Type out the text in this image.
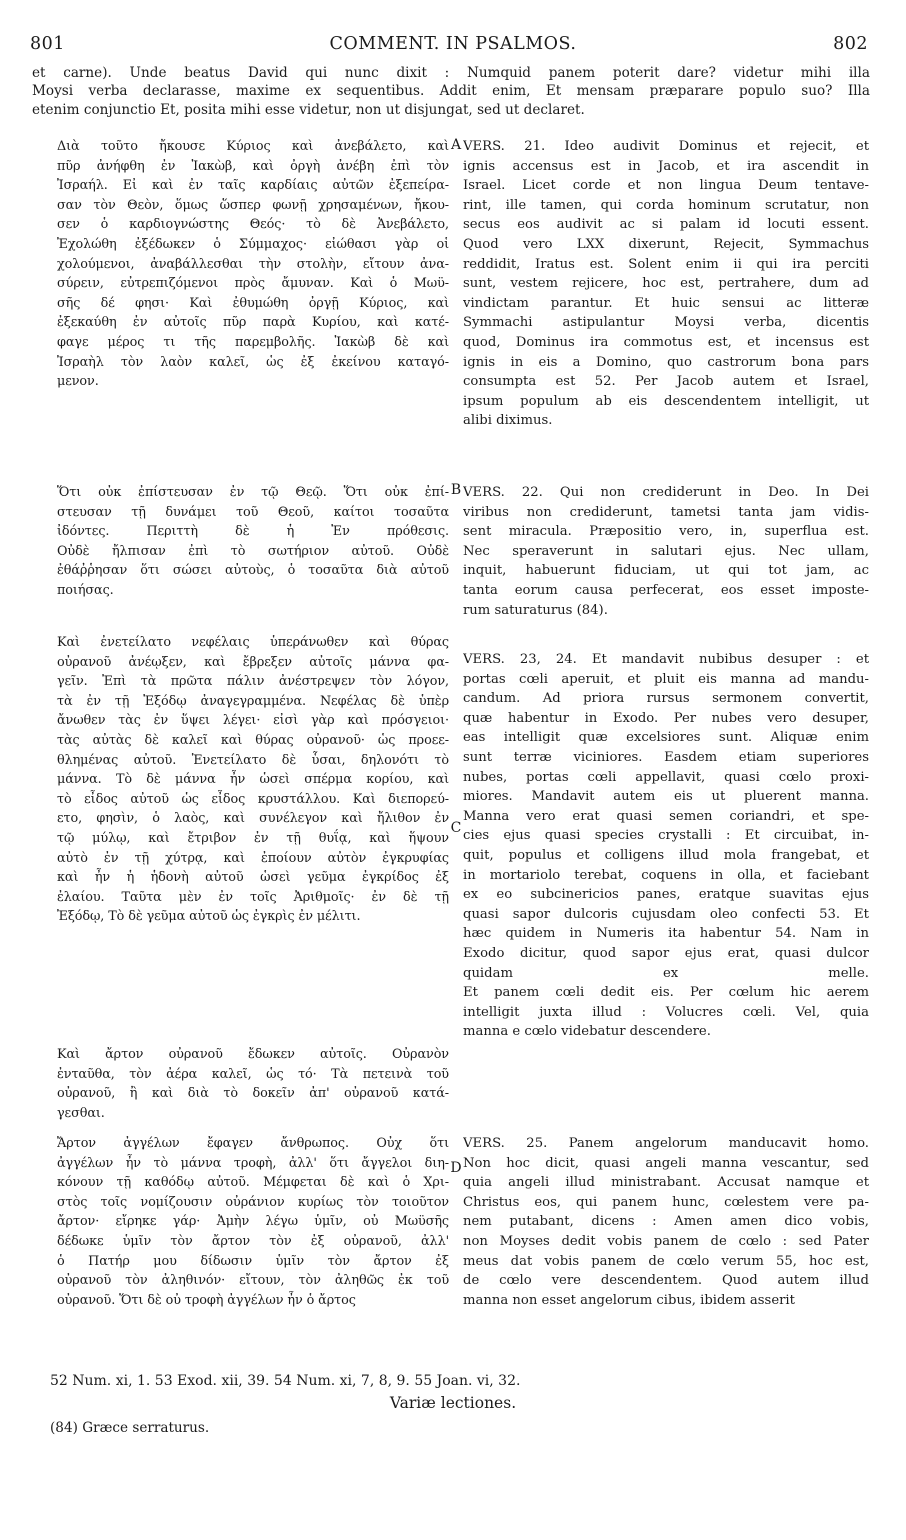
COMMENT. IN PSALMOS.
801	802
et carne). Unde beatus David qui nunc dixit : Numquid panem poterit dare? videtur mihi illa
Moysi verba declarasse, maxime ex sequentibus. Addit enim, Et mensam præparare populo suo? Illa
etenim conjunctio Et, posita mihi esse videtur, non ut disjungat, sed ut declaret.
A
B
C
D
Διὰ τοῦτο ἤκουσε Κύριος καὶ ἀνεβάλετο, καὶ
πῦρ ἀνήφθη ἐν Ἰακὼβ, καὶ ὀργὴ ἀνέβη ἐπὶ τὸν
Ἰσραήλ. Εἰ καὶ ἐν ταῖς καρδίαις αὐτῶν ἐξεπείρα-
σαν τὸν Θεὸν, ὅμως ὥσπερ φωνῇ χρησαμένων, ἤκου-
σεν ὁ καρδιογνώστης Θεός· τὸ δὲ Ἀνεβάλετο,
Ἐχολώθη ἐξέδωκεν ὁ Σύμμαχος· εἰώθασι γὰρ οἱ
χολούμενοι, ἀναβάλλεσθαι τὴν στολὴν, εἴτουν ἀνα-
σύρειν, εὐτρεπιζόμενοι πρὸς ἄμυναν. Καὶ ὁ Μωϋ-
σῆς δέ φησι· Καὶ ἐθυμώθη ὀργῇ Κύριος, καὶ
ἐξεκαύθη ἐν αὐτοῖς πῦρ παρὰ Κυρίου, καὶ κατέ-
φαγε μέρος τι τῆς παρεμβολῆς. Ἰακὼβ δὲ καὶ
Ἰσραὴλ τὸν λαὸν καλεῖ, ὡς ἐξ ἐκείνου καταγό-
μενον.
Ὅτι οὐκ ἐπίστευσαν ἐν τῷ Θεῷ. Ὅτι οὐκ ἐπί-
στευσαν τῇ δυνάμει τοῦ Θεοῦ, καίτοι τοσαῦτα
ἰδόντες. Περιττὴ δὲ ἡ Ἐν πρόθεσις.
Οὐδὲ ἤλπισαν ἐπὶ τὸ σωτήριον αὐτοῦ. Οὐδὲ
ἐθάῤῥησαν ὅτι σώσει αὐτοὺς, ὁ τοσαῦτα διὰ αὐτοῦ
ποιήσας.
Καὶ ἐνετείλατο νεφέλαις ὑπεράνωθεν καὶ θύρας
οὐρανοῦ ἀνέῳξεν, καὶ ἔβρεξεν αὐτοῖς μάννα φα-
γεῖν. Ἐπὶ τὰ πρῶτα πάλιν ἀνέστρεψεν τὸν λόγον,
τὰ ἐν τῇ Ἐξόδῳ ἀναγεγραμμένα. Νεφέλας δὲ ὑπὲρ
ἄνωθεν τὰς ἐν ὕψει λέγει· εἰσὶ γὰρ καὶ πρόσγειοι·
τὰς αὐτὰς δὲ καλεῖ καὶ θύρας οὐρανοῦ· ὡς προεε-
θλημένας αὐτοῦ. Ἐνετείλατο δὲ ὗσαι, δηλονότι τὸ
μάννα. Τὸ δὲ μάννα ἦν ὡσεὶ σπέρμα κορίου, καὶ
τὸ εἶδος αὐτοῦ ὡς εἶδος κρυστάλλου. Καὶ διεπορεύ-
ετο, φησὶν, ὁ λαὸς, καὶ συνέλεγον καὶ ἤλιθον ἐν
τῷ μύλῳ, καὶ ἔτριβον ἐν τῇ θυΐᾳ, καὶ ἥψουν
αὐτὸ ἐν τῇ χύτρᾳ, καὶ ἐποίουν αὐτὸν ἐγκρυφίας
καὶ ἦν ἡ ἡδονὴ αὐτοῦ ὡσεὶ γεῦμα ἐγκρίδος ἐξ
ἐλαίου. Ταῦτα μὲν ἐν τοῖς Ἀριθμοῖς· ἐν δὲ τῇ
Ἐξόδῳ, Τὸ δὲ γεῦμα αὐτοῦ ὡς ἐγκρὶς ἐν μέλιτι.
Καὶ ἄρτον οὐρανοῦ ἔδωκεν αὐτοῖς. Οὐρανὸν
ἐνταῦθα, τὸν ἀέρα καλεῖ, ὡς τό· Τὰ πετεινὰ τοῦ
οὐρανοῦ, ἢ καὶ διὰ τὸ δοκεῖν ἀπ' οὐρανοῦ κατά-
γεσθαι.
Ἄρτον ἀγγέλων ἔφαγεν ἄνθρωπος. Οὐχ ὅτι
ἀγγέλων ἦν τὸ μάννα τροφὴ, ἀλλ' ὅτι ἄγγελοι διη-
κόνουν τῇ καθόδῳ αὐτοῦ. Μέμφεται δὲ καὶ ὁ Χρι-
στὸς τοῖς νομίζουσιν οὐράνιον κυρίως τὸν τοιοῦτον
ἄρτον· εἴρηκε γάρ· Ἀμὴν λέγω ὑμῖν, οὐ Μωϋσῆς
δέδωκε ὑμῖν τὸν ἄρτον τὸν ἐξ οὐρανοῦ, ἀλλ'
ὁ Πατήρ μου δίδωσιν ὑμῖν τὸν ἄρτον ἐξ
οὐρανοῦ τὸν ἀληθινόν· εἴτουν, τὸν ἀληθῶς ἐκ τοῦ
οὐρανοῦ. Ὅτι δὲ οὐ τροφὴ ἀγγέλων ἦν ὁ ἄρτος
VERS. 21. Ideo audivit Dominus et rejecit, et
ignis accensus est in Jacob, et ira ascendit in
Israel. Licet corde et non lingua Deum tentave-
rint, ille tamen, qui corda hominum scrutatur, non
secus eos audivit ac si palam id locuti essent.
Quod vero LXX dixerunt, Rejecit, Symmachus
reddidit, Iratus est. Solent enim ii qui ira perciti
sunt, vestem rejicere, hoc est, pertrahere, dum ad
vindictam parantur. Et huic sensui ac litteræ
Symmachi astipulantur Moysi verba, dicentis
quod, Dominus ira commotus est, et incensus est
ignis in eis a Domino, quo castrorum bona pars
consumpta est 52. Per Jacob autem et Israel,
ipsum populum ab eis descendentem intelligit, ut
alibi diximus.
VERS. 22. Qui non crediderunt in Deo. In Dei
viribus non crediderunt, tametsi tanta jam vidis-
sent miracula. Præpositio vero, in, superflua est.
Nec speraverunt in salutari ejus. Nec ullam,
inquit, habuerunt fiduciam, ut qui tot jam, ac
tanta eorum causa perfecerat, eos esset imposte-
rum saturaturus (84).
VERS. 23, 24. Et mandavit nubibus desuper : et
portas cœli aperuit, et pluit eis manna ad mandu-
candum. Ad priora rursus sermonem convertit,
quæ habentur in Exodo. Per nubes vero desuper,
eas intelligit quæ excelsiores sunt. Aliquæ enim
sunt terræ viciniores. Easdem etiam superiores
nubes, portas cœli appellavit, quasi cœlo proxi-
miores. Mandavit autem eis ut pluerent manna.
Manna vero erat quasi semen coriandri, et spe-
cies ejus quasi species crystalli : Et circuibat, in-
quit, populus et colligens illud mola frangebat, et
in mortariolo terebat, coquens in olla, et faciebant
ex eo subcinericios panes, eratque suavitas ejus
quasi sapor dulcoris cujusdam oleo confecti 53. Et
hæc quidem in Numeris ita habentur 54. Nam in
Exodo dicitur, quod sapor ejus erat, quasi dulcor
quidam ex melle.
Et panem cœli dedit eis. Per cœlum hic aerem
intelligit juxta illud : Volucres cœli. Vel, quia
manna e cœlo videbatur descendere.
VERS. 25. Panem angelorum manducavit homo.
Non hoc dicit, quasi angeli manna vescantur, sed
quia angeli illud ministrabant. Accusat namque et
Christus eos, qui panem hunc, cœlestem vere pa-
nem putabant, dicens : Amen amen dico vobis,
non Moyses dedit vobis panem de cœlo : sed Pater
meus dat vobis panem de cœlo verum 55, hoc est,
de cœlo vere descendentem. Quod autem illud
manna non esset angelorum cibus, ibidem asserit
52 Num. xi, 1. 53 Exod. xii, 39. 54 Num. xi, 7, 8, 9. 55 Joan. vi, 32.
Variæ lectiones.
(84) Græce serraturus.
